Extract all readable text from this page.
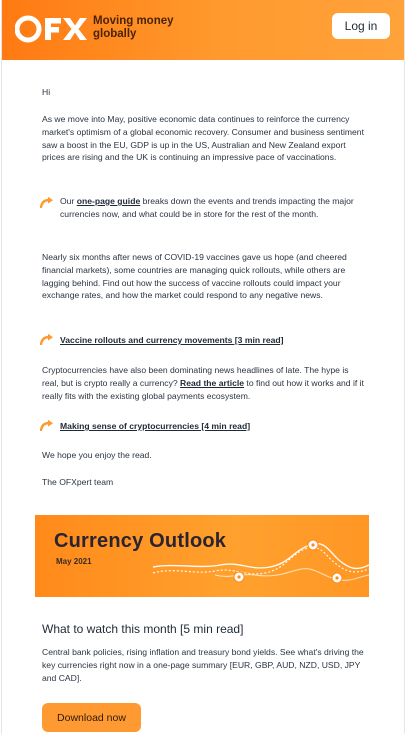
Moving money globally
Log in
Hi
As we move into May, positive economic data continues to reinforce the currency market's optimism of a global economic recovery. Consumer and business sentiment saw a boost in the EU, GDP is up in the US, Australian and New Zealand export prices are rising and the UK is continuing an impressive pace of vaccinations.
Our one-page guide breaks down the events and trends impacting the major currencies now, and what could be in store for the rest of the month.
Nearly six months after news of COVID-19 vaccines gave us hope (and cheered financial markets), some countries are managing quick rollouts, while others are lagging behind. Find out how the success of vaccine rollouts could impact your exchange rates, and how the market could respond to any negative news.
Vaccine rollouts and currency movements [3 min read]
Cryptocurrencies have also been dominating news headlines of late. The hype is real, but is crypto really a currency? Read the article to find out how it works and if it really fits with the existing global payments ecosystem.
Making sense of cryptocurrencies [4 min read]
We hope you enjoy the read.
The OFXpert team
Currency Outlook
May 2021
What to watch this month [5 min read]
Central bank policies, rising inflation and treasury bond yields. See what's driving the key currencies right now in a one-page summary [EUR, GBP, AUD, NZD, USD, JPY and CAD].
Download now
